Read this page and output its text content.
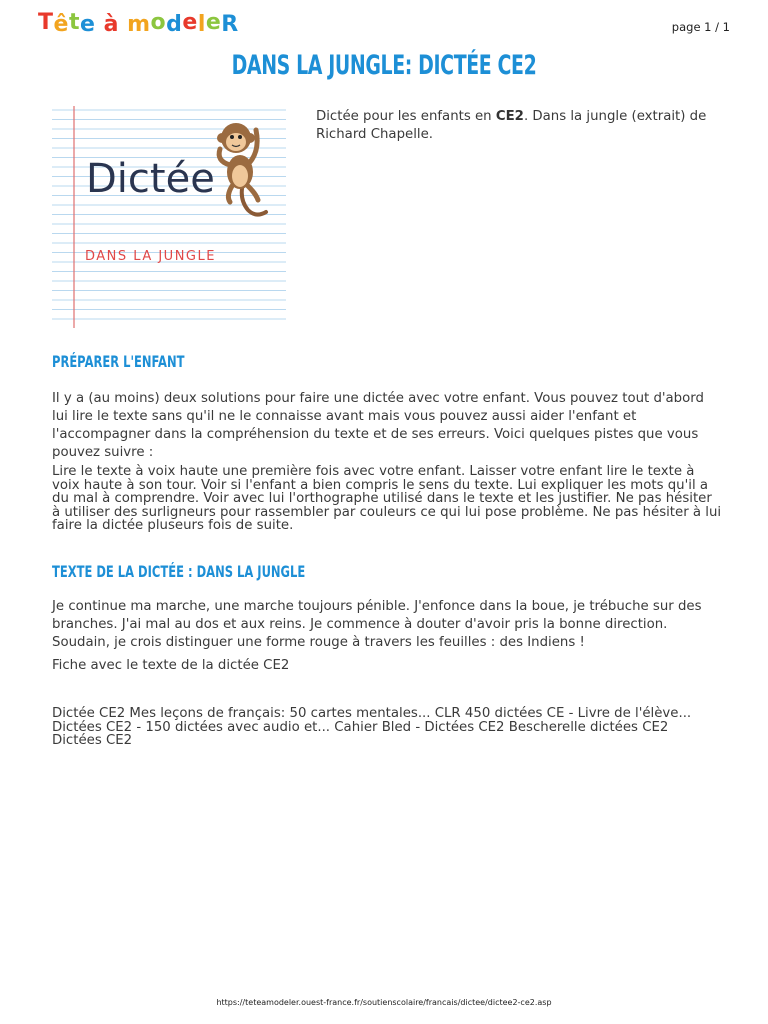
Tête à modeleR	page 1 / 1
DANS LA JUNGLE: DICTÉE CE2
Dictée
DANS LA JUNGLE
Dictée pour les enfants en CE2. Dans la jungle (extrait) de Richard Chapelle.
PRÉPARER L'ENFANT
Il y a (au moins) deux solutions pour faire une dictée avec votre enfant. Vous pouvez tout d'abord lui lire le texte sans qu'il ne le connaisse avant mais vous pouvez aussi aider l'enfant et l'accompagner dans la compréhension du texte et de ses erreurs. Voici quelques pistes que vous pouvez suivre :
Lire le texte à voix haute une première fois avec votre enfant. Laisser votre enfant lire le texte à voix haute à son tour. Voir si l'enfant a bien compris le sens du texte. Lui expliquer les mots qu'il a du mal à comprendre. Voir avec lui l'orthographe utilisé dans le texte et les justifier. Ne pas hésiter à utiliser des surligneurs pour rassembler par couleurs ce qui lui pose problème. Ne pas hésiter à lui faire la dictée pluseurs fois de suite.
TEXTE DE LA DICTÉE : DANS LA JUNGLE
Je continue ma marche, une marche toujours pénible. J'enfonce dans la boue, je trébuche sur des branches. J'ai mal au dos et aux reins. Je commence à douter d'avoir pris la bonne direction. Soudain, je crois distinguer une forme rouge à travers les feuilles : des Indiens !
Fiche avec le texte de la dictée CE2
Dictée CE2 Mes leçons de français: 50 cartes mentales... CLR 450 dictées CE - Livre de l'élève... Dictées CE2 - 150 dictées avec audio et... Cahier Bled - Dictées CE2 Bescherelle dictées CE2 Dictées CE2
https://teteamodeler.ouest-france.fr/soutienscolaire/francais/dictee/dictee2-ce2.asp
